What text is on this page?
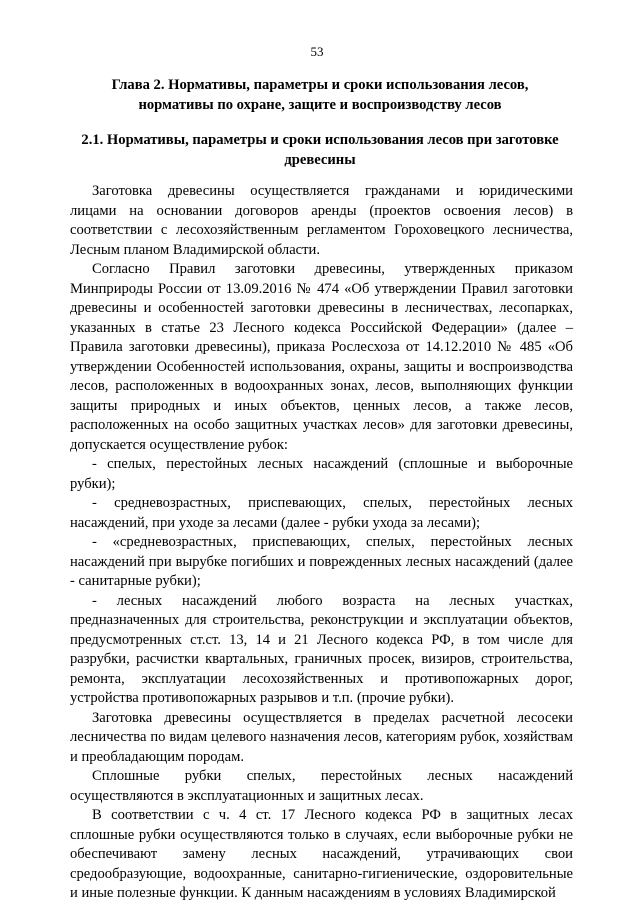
53
Глава 2. Нормативы, параметры и сроки использования лесов,
нормативы по охране, защите и воспроизводству лесов
2.1. Нормативы, параметры и сроки использования лесов при заготовке
древесины
Заготовка древесины осуществляется гражданами и юридическими
лицами на основании договоров аренды (проектов освоения лесов) в
соответствии с лесохозяйственным регламентом Гороховецкого лесничества,
Лесным планом Владимирской области.
Согласно Правил заготовки древесины, утвержденных приказом
Минприроды России от 13.09.2016 № 474 «Об утверждении Правил заготовки
древесины и особенностей заготовки древесины в лесничествах, лесопарках,
указанных в статье 23 Лесного кодекса Российской Федерации» (далее –
Правила заготовки древесины), приказа Рослесхоза от 14.12.2010 № 485 «Об
утверждении Особенностей использования, охраны, защиты и воспроизводства
лесов, расположенных в водоохранных зонах, лесов, выполняющих функции
защиты природных и иных объектов, ценных лесов, а также лесов,
расположенных на особо защитных участках лесов» для заготовки древесины,
допускается осуществление рубок:
- спелых, перестойных лесных насаждений (сплошные и выборочные
рубки);
- средневозрастных, приспевающих, спелых, перестойных лесных
насаждений, при уходе за лесами (далее - рубки ухода за лесами);
- «средневозрастных, приспевающих, спелых, перестойных лесных
насаждений при вырубке погибших и поврежденных лесных насаждений (далее
- санитарные рубки);
- лесных насаждений любого возраста на лесных участках,
предназначенных для строительства, реконструкции и эксплуатации объектов,
предусмотренных ст.ст. 13, 14 и 21 Лесного кодекса РФ, в том числе для
разрубки, расчистки квартальных, граничных просек, визиров, строительства,
ремонта, эксплуатации лесохозяйственных и противопожарных дорог,
устройства противопожарных разрывов и т.п. (прочие рубки).
Заготовка древесины осуществляется в пределах расчетной лесосеки
лесничества по видам целевого назначения лесов, категориям рубок, хозяйствам
и преобладающим породам.
Сплошные рубки спелых, перестойных лесных насаждений
осуществляются в эксплуатационных и защитных лесах.
В соответствии с ч. 4 ст. 17 Лесного кодекса РФ в защитных лесах
сплошные рубки осуществляются только в случаях, если выборочные рубки не
обеспечивают замену лесных насаждений, утрачивающих свои
средообразующие, водоохранные, санитарно-гигиенические, оздоровительные
и иные полезные функции. К данным насаждениям в условиях Владимирской
